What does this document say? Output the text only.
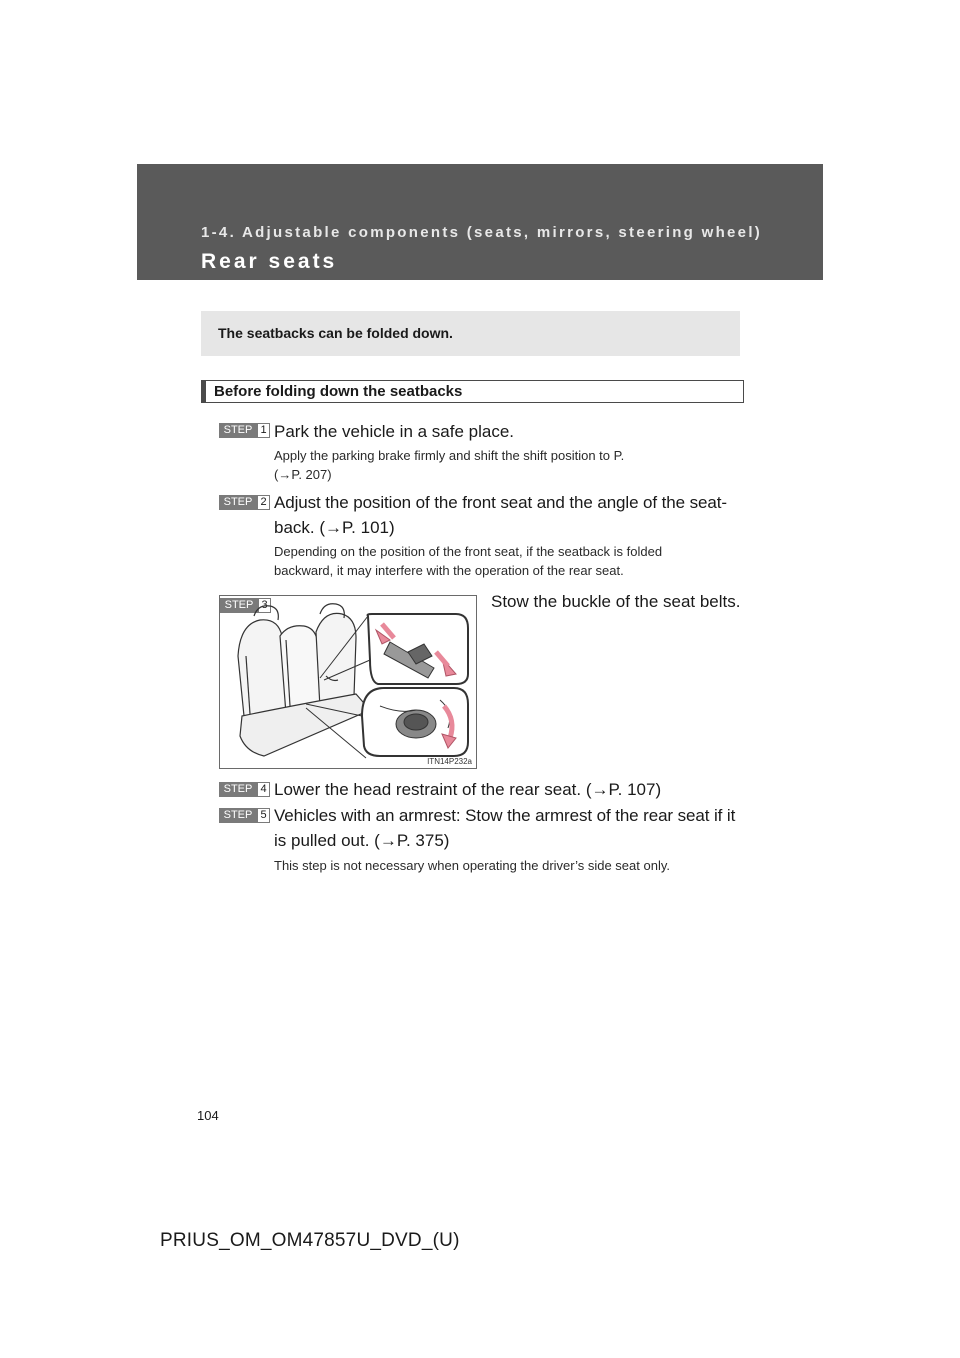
1-4. Adjustable components (seats, mirrors, steering wheel)
Rear seats
The seatbacks can be folded down.
Before folding down the seatbacks
STEP 1 Park the vehicle in a safe place.
Apply the parking brake firmly and shift the shift position to P.
(→P. 207)
STEP 2 Adjust the position of the front seat and the angle of the seat-
back. (→P. 101)
Depending on the position of the front seat, if the seatback is folded
backward, it may interfere with the operation of the rear seat.
STEP 3
ITN14P232a
Stow the buckle of the seat belts.
STEP 4 Lower the head restraint of the rear seat. (→P. 107)
STEP 5 Vehicles with an armrest: Stow the armrest of the rear seat if it
is pulled out. (→P. 375)
This step is not necessary when operating the driver’s side seat only.
104
PRIUS_OM_OM47857U_DVD_(U)
